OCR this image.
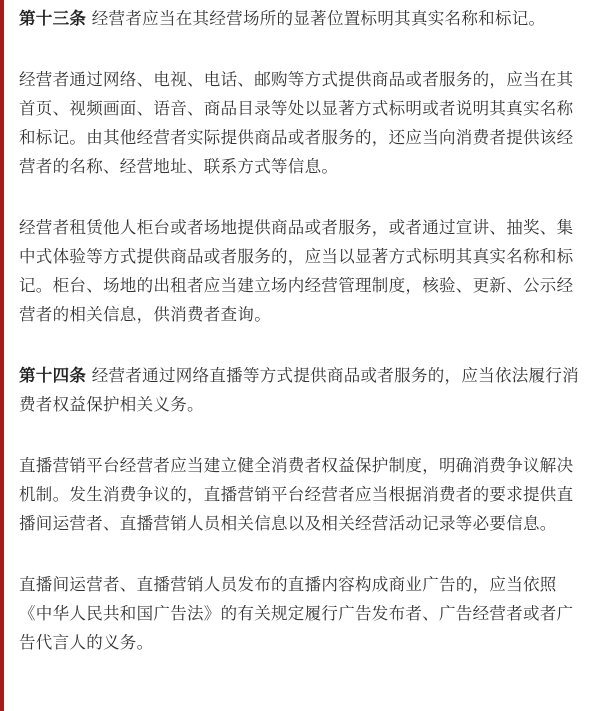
第十三条 经营者应当在其经营场所的显著位置标明其真实名称和标记。

经营者通过网络、电视、电话、邮购等方式提供商品或者服务的，应当在其首页、视频画面、语音、商品目录等处以显著方式标明或者说明其真实名称和标记。由其他经营者实际提供商品或者服务的，还应当向消费者提供该经营者的名称、经营地址、联系方式等信息。

经营者租赁他人柜台或者场地提供商品或者服务，或者通过宣讲、抽奖、集中式体验等方式提供商品或者服务的，应当以显著方式标明其真实名称和标记。柜台、场地的出租者应当建立场内经营管理制度，核验、更新、公示经营者的相关信息，供消费者查询。

第十四条 经营者通过网络直播等方式提供商品或者服务的，应当依法履行消费者权益保护相关义务。

直播营销平台经营者应当建立健全消费者权益保护制度，明确消费争议解决机制。发生消费争议的，直播营销平台经营者应当根据消费者的要求提供直播间运营者、直播营销人员相关信息以及相关经营活动记录等必要信息。

直播间运营者、直播营销人员发布的直播内容构成商业广告的，应当依照《中华人民共和国广告法》的有关规定履行广告发布者、广告经营者或者广告代言人的义务。
